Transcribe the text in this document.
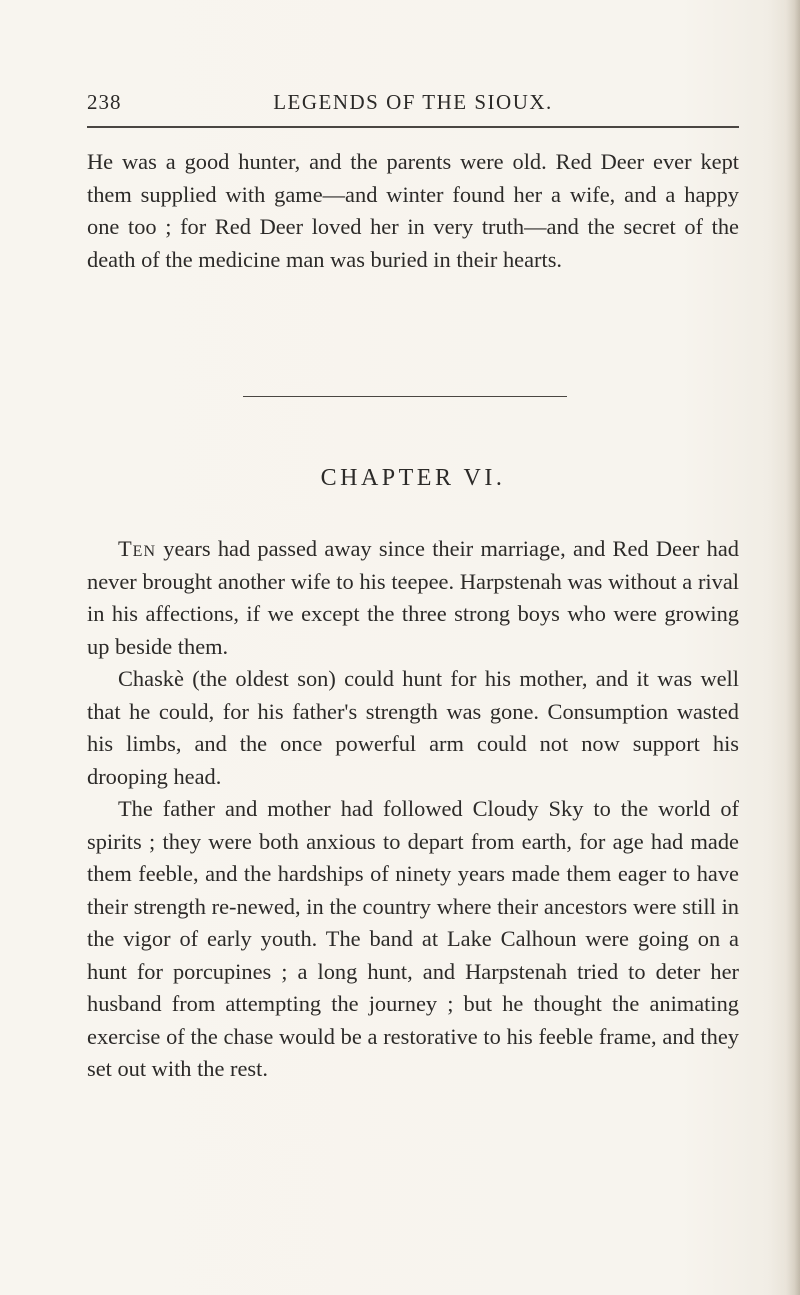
238	LEGENDS OF THE SIOUX.

He was a good hunter, and the parents were old. Red Deer ever kept them supplied with game—and winter found her a wife, and a happy one too ; for Red Deer loved her in very truth—and the secret of the death of the medicine man was buried in their hearts.

CHAPTER VI.

Ten years had passed away since their marriage, and Red Deer had never brought another wife to his teepee. Harpstenah was without a rival in his affections, if we except the three strong boys who were growing up beside them.

Chaskè (the oldest son) could hunt for his mother, and it was well that he could, for his father's strength was gone. Consumption wasted his limbs, and the once powerful arm could not now support his drooping head.

The father and mother had followed Cloudy Sky to the world of spirits ; they were both anxious to depart from earth, for age had made them feeble, and the hardships of ninety years made them eager to have their strength re-newed, in the country where their ancestors were still in the vigor of early youth. The band at Lake Calhoun were going on a hunt for porcupines ; a long hunt, and Harpstenah tried to deter her husband from attempting the journey ; but he thought the animating exercise of the chase would be a restorative to his feeble frame, and they set out with the rest.
